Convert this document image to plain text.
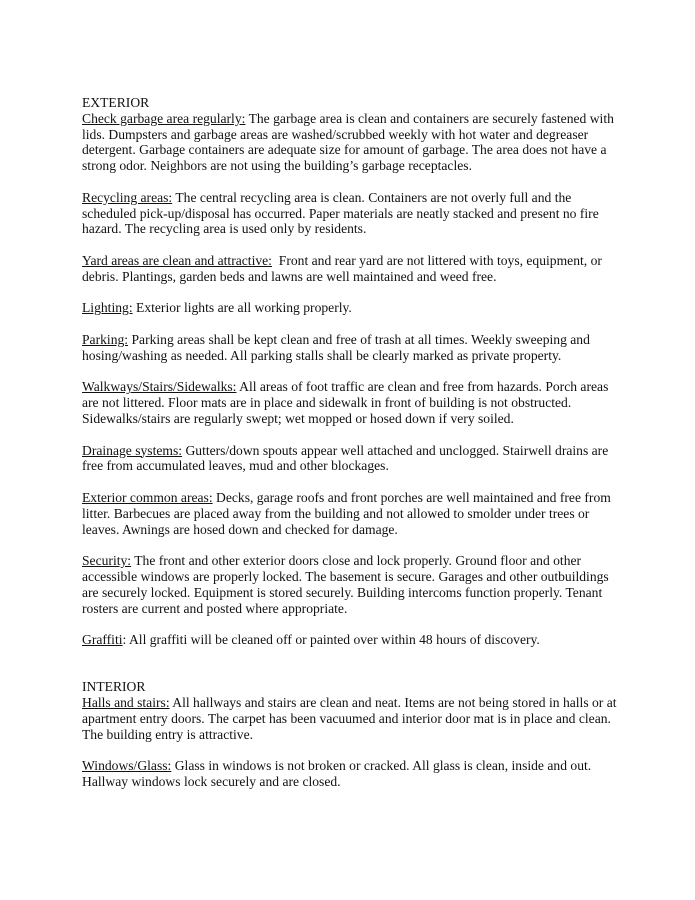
EXTERIOR

Check garbage area regularly: The garbage area is clean and containers are securely fastened with lids. Dumpsters and garbage areas are washed/scrubbed weekly with hot water and degreaser detergent. Garbage containers are adequate size for amount of garbage. The area does not have a strong odor. Neighbors are not using the building’s garbage receptacles.

Recycling areas: The central recycling area is clean. Containers are not overly full and the scheduled pick-up/disposal has occurred. Paper materials are neatly stacked and present no fire hazard. The recycling area is used only by residents.

Yard areas are clean and attractive: Front and rear yard are not littered with toys, equipment, or debris. Plantings, garden beds and lawns are well maintained and weed free.

Lighting: Exterior lights are all working properly.

Parking: Parking areas shall be kept clean and free of trash at all times. Weekly sweeping and hosing/washing as needed. All parking stalls shall be clearly marked as private property.

Walkways/Stairs/Sidewalks: All areas of foot traffic are clean and free from hazards. Porch areas are not littered. Floor mats are in place and sidewalk in front of building is not obstructed. Sidewalks/stairs are regularly swept; wet mopped or hosed down if very soiled.

Drainage systems: Gutters/down spouts appear well attached and unclogged. Stairwell drains are free from accumulated leaves, mud and other blockages.

Exterior common areas: Decks, garage roofs and front porches are well maintained and free from litter. Barbecues are placed away from the building and not allowed to smolder under trees or leaves. Awnings are hosed down and checked for damage.

Security: The front and other exterior doors close and lock properly. Ground floor and other accessible windows are properly locked. The basement is secure. Garages and other outbuildings are securely locked. Equipment is stored securely. Building intercoms function properly. Tenant rosters are current and posted where appropriate.

Graffiti: All graffiti will be cleaned off or painted over within 48 hours of discovery.

INTERIOR

Halls and stairs: All hallways and stairs are clean and neat. Items are not being stored in halls or at apartment entry doors. The carpet has been vacuumed and interior door mat is in place and clean. The building entry is attractive.

Windows/Glass: Glass in windows is not broken or cracked. All glass is clean, inside and out. Hallway windows lock securely and are closed.
